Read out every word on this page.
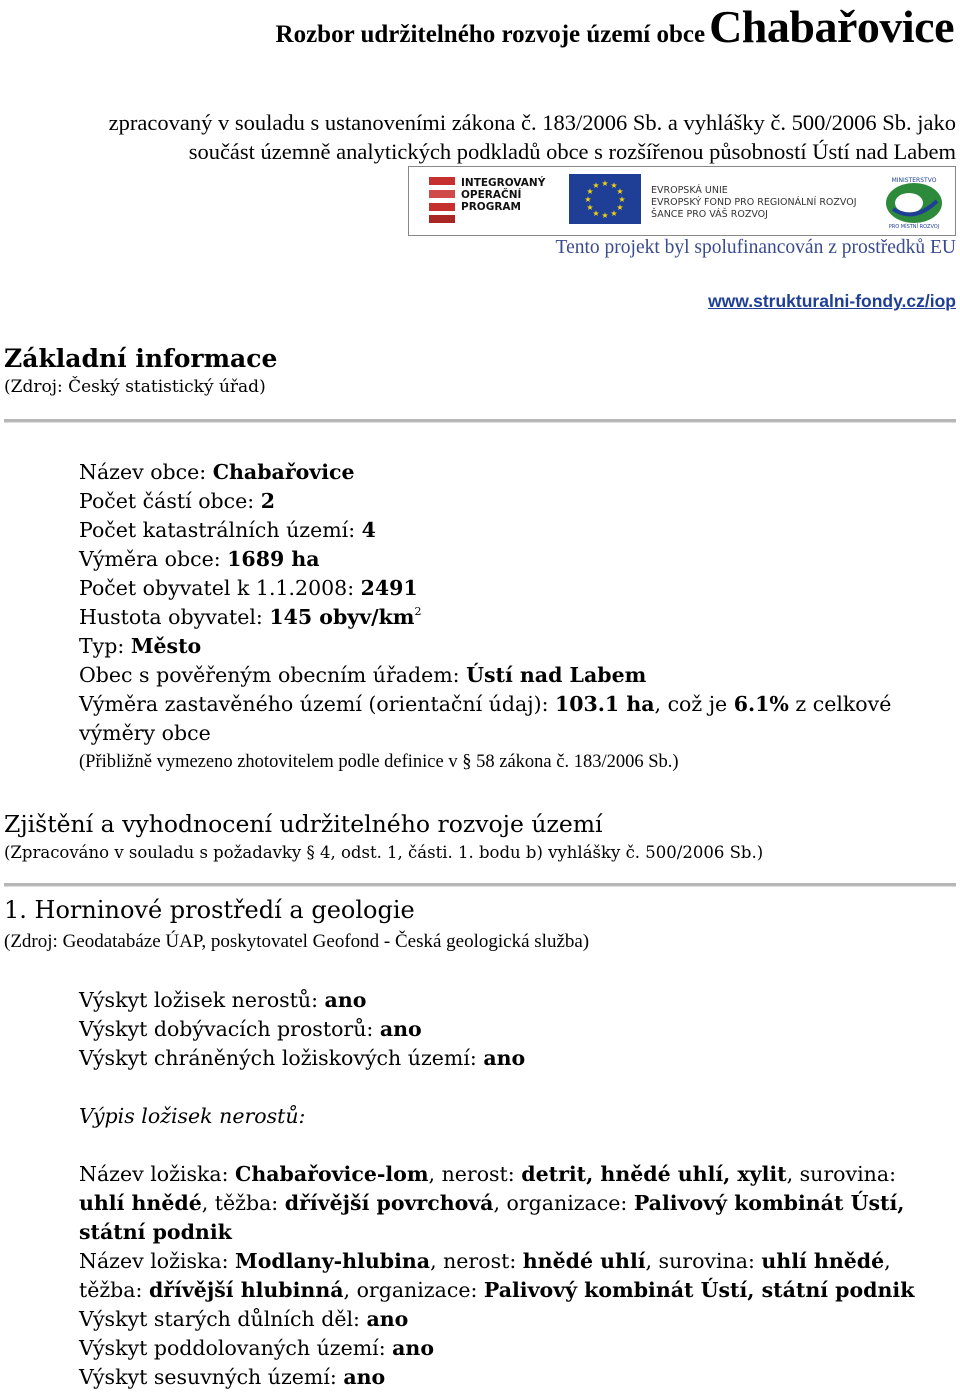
Rozbor udržitelného rozvoje území obce Chabařovice
zpracovaný v souladu s ustanoveními zákona č. 183/2006 Sb. a vyhlášky č. 500/2006 Sb. jako
součást územně analytických podkladů obce s rozšířenou působností Ústí nad Labem
INTEGROVANÝ
OPERAČNÍ
PROGRAM
★ ★
★
★
★
★
★
★
★
★
★
★	EVROPSKÁ UNIE
EVROPSKÝ FOND PRO REGIONÁLNÍ ROZVOJ
ŠANCE PRO VÁŠ ROZVOJ
MINISTERSTVO
PRO MÍSTNÍ ROZVOJ
Tento projekt byl spolufinancován z prostředků EU
www.strukturalni-fondy.cz/iop
Základní informace
(Zdroj: Český statistický úřad)
Název obce: Chabařovice
Počet částí obce: 2
Počet katastrálních území: 4
Výměra obce: 1689 ha
Počet obyvatel k 1.1.2008: 2491
Hustota obyvatel: 145 obyv/$km^2$
Typ: Město
Obec s pověřeným obecním úřadem: Ústí nad Labem
Výměra zastavěného území (orientační údaj): 103.1 ha, což je 6.1% z celkové výměry obce
(Přibližně vymezeno zhotovitelem podle definice v § 58 zákona č. 183/2006 Sb.)
Zjištění a vyhodnocení udržitelného rozvoje území
(Zpracováno v souladu s požadavky § 4, odst. 1, části. 1. bodu b) vyhlášky č. 500/2006 Sb.)
1. Horninové prostředí a geologie
(Zdroj: Geodatabáze ÚAP, poskytovatel Geofond - Česká geologická služba)
Výskyt ložisek nerostů: ano
Výskyt dobývacích prostorů: ano
Výskyt chráněných ložiskových území: ano
Výpis ložisek nerostů:
Název ložiska: Chabařovice-lom, nerost: detrit, hnědé uhlí, xylit, surovina: uhlí hnědé, těžba: dřívější povrchová, organizace: Palivový kombinát Ústí, státní podnik
Název ložiska: Modlany-hlubina, nerost: hnědé uhlí, surovina: uhlí hnědé, těžba: dřívější hlubinná, organizace: Palivový kombinát Ústí, státní podnik
Výskyt starých důlních děl: ano
Výskyt poddolovaných území: ano
Výskyt sesuvných území: ano
